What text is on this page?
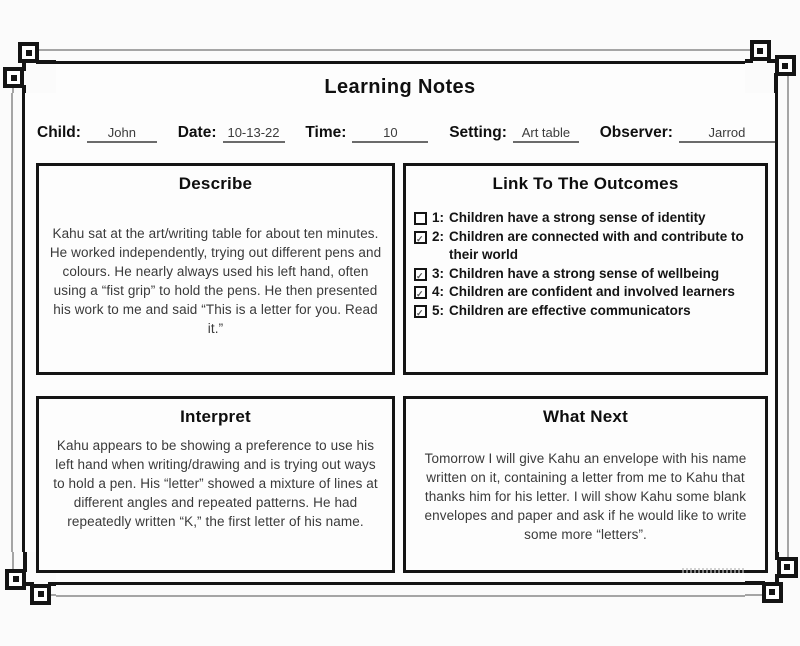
Learning Notes
Child:	John	Date: 10-13-22	Time:	10	Setting:	Art table	Observer:	Jarrod
Describe

Kahu sat at the art/writing table for about ten minutes. He worked independently, trying out different pens and colours. He nearly always used his left hand, often using a “fist grip” to hold the pens. He then presented his work to me and said “This is a letter for you. Read it.”

Link To The Outcomes
1: Children have a strong sense of identity
✓
2: Children are connected with and contribute to their world
✓
3: Children have a strong sense of wellbeing
✓
4: Children are confident and involved learners
✓
5: Children are effective communicators
Interpret

Kahu appears to be showing a preference to use his left hand when writing/drawing and is trying out ways to hold a pen. His “letter” showed a mixture of lines at different angles and repeated patterns. He had repeatedly written “K,” the first letter of his name.

What Next

Tomorrow I will give Kahu an envelope with his name written on it, containing a letter from me to Kahu that thanks him for his letter. I will show Kahu some blank envelopes and paper and ask if he would like to write some more “letters”.
